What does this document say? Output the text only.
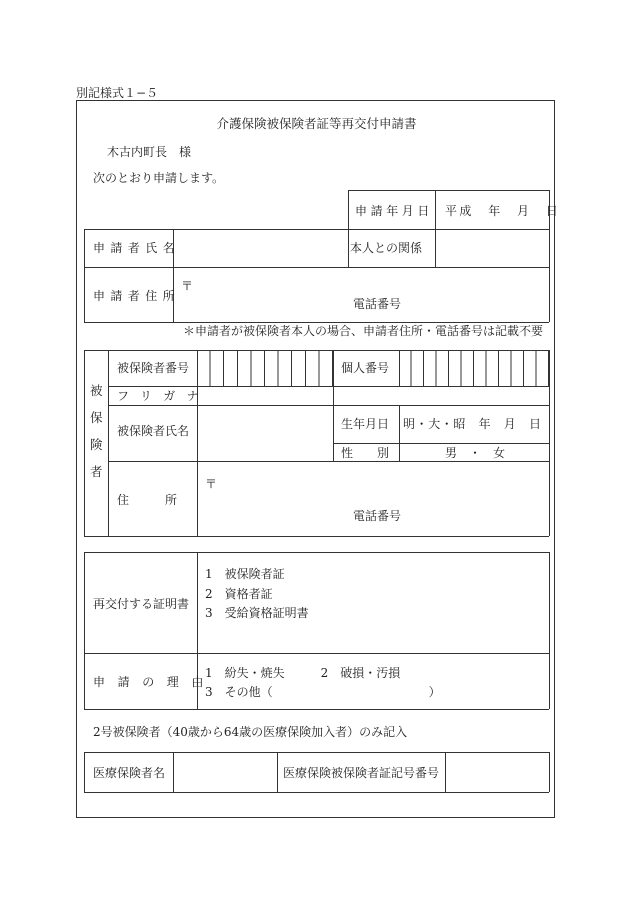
別記様式１−５
介護保険被保険者証等再交付申請書
木古内町長　様
次のとおり申請します。
申請年月日 平成　年　月　日
申請者氏名	本人との関係
申請者住所
〒
電話番号
＊申請者が被保険者本人の場合、申請者住所・電話番号は記載不要
被
保
険
者
被保険者番号	個人番号
フリガナ
被保険者氏名	生年月日 明・大・昭　年　月　日
性　　別	男　・　女
住　　　所
〒
電話番号
再交付する証明書
1　被保険者証
2　資格者証
3　受給資格証明書
申請の理由
1　紛失・焼失　　　2　破損・汚損
3　その他（　　　　　　　　　　　　　）
2号被保険者（40歳から64歳の医療保険加入者）のみ記入
医療保険者名	医療保険被保険者証記号番号
